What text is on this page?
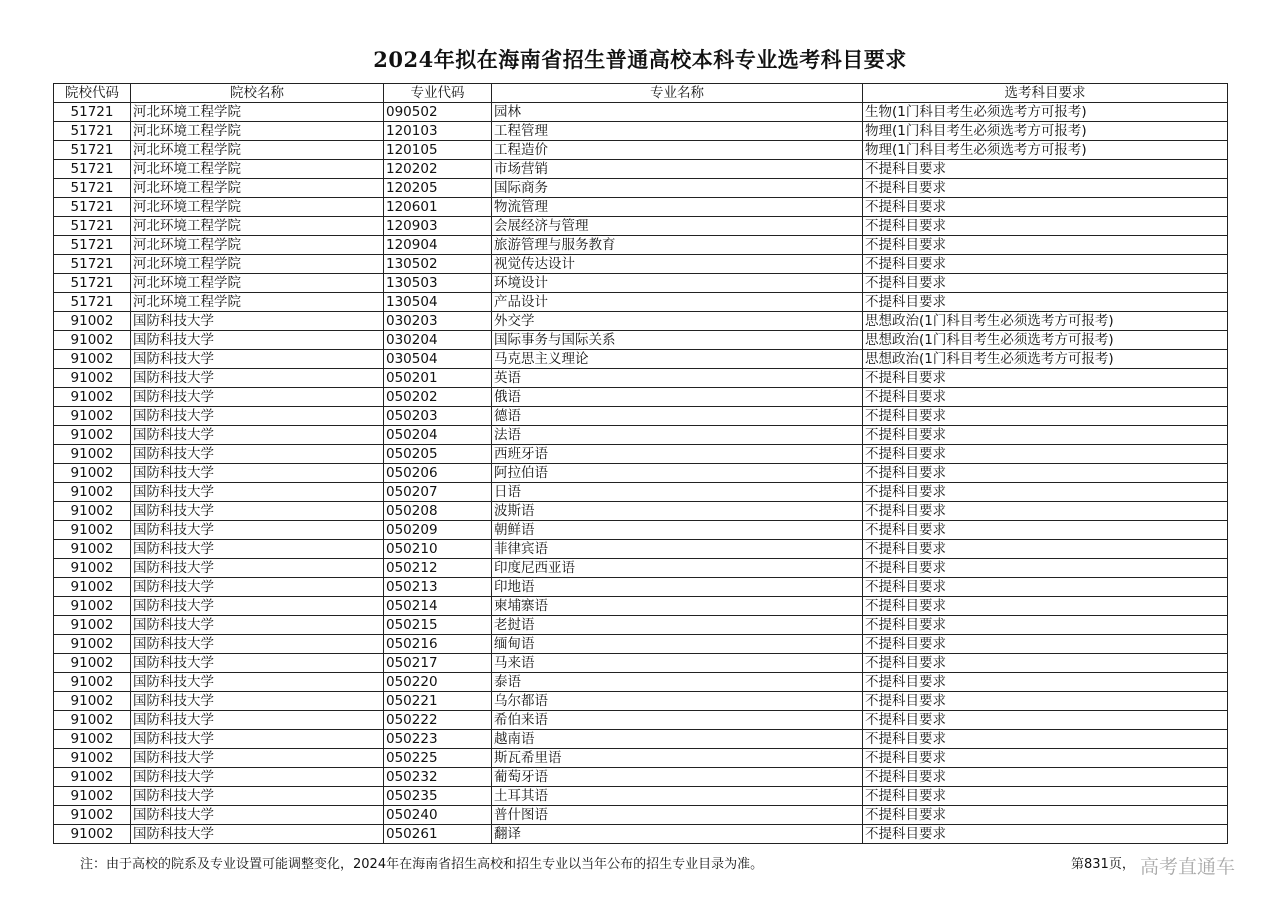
2024年拟在海南省招生普通高校本科专业选考科目要求
院校代码	院校名称	专业代码	专业名称	选考科目要求
51721	河北环境工程学院	090502	园林	生物(1门科目考生必须选考方可报考)
51721	河北环境工程学院	120103	工程管理	物理(1门科目考生必须选考方可报考)
51721	河北环境工程学院	120105	工程造价	物理(1门科目考生必须选考方可报考)
51721	河北环境工程学院	120202	市场营销	不提科目要求
51721	河北环境工程学院	120205	国际商务	不提科目要求
51721	河北环境工程学院	120601	物流管理	不提科目要求
51721	河北环境工程学院	120903	会展经济与管理	不提科目要求
51721	河北环境工程学院	120904	旅游管理与服务教育	不提科目要求
51721	河北环境工程学院	130502	视觉传达设计	不提科目要求
51721	河北环境工程学院	130503	环境设计	不提科目要求
51721	河北环境工程学院	130504	产品设计	不提科目要求
91002	国防科技大学	030203	外交学	思想政治(1门科目考生必须选考方可报考)
91002	国防科技大学	030204	国际事务与国际关系	思想政治(1门科目考生必须选考方可报考)
91002	国防科技大学	030504	马克思主义理论	思想政治(1门科目考生必须选考方可报考)
91002	国防科技大学	050201	英语	不提科目要求
91002	国防科技大学	050202	俄语	不提科目要求
91002	国防科技大学	050203	德语	不提科目要求
91002	国防科技大学	050204	法语	不提科目要求
91002	国防科技大学	050205	西班牙语	不提科目要求
91002	国防科技大学	050206	阿拉伯语	不提科目要求
91002	国防科技大学	050207	日语	不提科目要求
91002	国防科技大学	050208	波斯语	不提科目要求
91002	国防科技大学	050209	朝鲜语	不提科目要求
91002	国防科技大学	050210	菲律宾语	不提科目要求
91002	国防科技大学	050212	印度尼西亚语	不提科目要求
91002	国防科技大学	050213	印地语	不提科目要求
91002	国防科技大学	050214	柬埔寨语	不提科目要求
91002	国防科技大学	050215	老挝语	不提科目要求
91002	国防科技大学	050216	缅甸语	不提科目要求
91002	国防科技大学	050217	马来语	不提科目要求
91002	国防科技大学	050220	泰语	不提科目要求
91002	国防科技大学	050221	乌尔都语	不提科目要求
91002	国防科技大学	050222	希伯来语	不提科目要求
91002	国防科技大学	050223	越南语	不提科目要求
91002	国防科技大学	050225	斯瓦希里语	不提科目要求
91002	国防科技大学	050232	葡萄牙语	不提科目要求
91002	国防科技大学	050235	土耳其语	不提科目要求
91002	国防科技大学	050240	普什图语	不提科目要求
91002	国防科技大学	050261	翻译	不提科目要求
注：由于高校的院系及专业设置可能调整变化，2024年在海南省招生高校和招生专业以当年公布的招生专业目录为准。	第831页， 高考直通车
